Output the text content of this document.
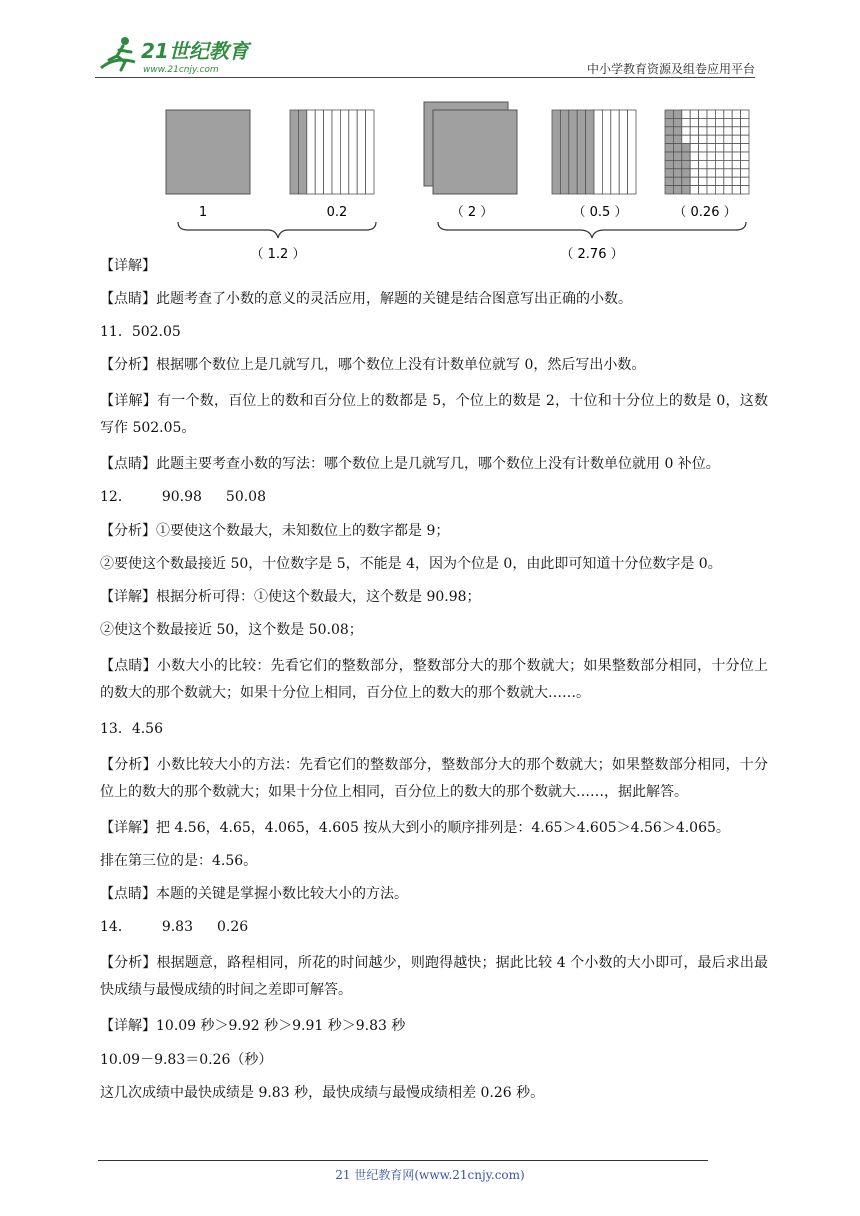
21世纪教育
www.21cnjy.com	中小学教育资源及组卷应用平台
1	0.2	（ 2 ）	（ 0.5 ）	（ 0.26 ）
（ 1.2 ）	（ 2.76 ）

【详解】

【点睛】此题考查了小数的意义的灵活应用，解题的关键是结合图意写出正确的小数。

11．502.05

【分析】根据哪个数位上是几就写几，哪个数位上没有计数单位就写 0，然后写出小数。

【详解】有一个数，百位上的数和百分位上的数都是 5，个位上的数是 2，十位和十分位上的数是 0，这数写作 502.05。

【点睛】此题主要考查小数的写法：哪个数位上是几就写几，哪个数位上没有计数单位就用 0 补位。

12． 90.98 50.08

【分析】①要使这个数最大，未知数位上的数字都是 9；

②要使这个数最接近 50，十位数字是 5，不能是 4，因为个位是 0，由此即可知道十分位数字是 0。

【详解】根据分析可得：①使这个数最大，这个数是 90.98；

②使这个数最接近 50，这个数是 50.08；

【点睛】小数大小的比较：先看它们的整数部分，整数部分大的那个数就大；如果整数部分相同，十分位上的数大的那个数就大；如果十分位上相同，百分位上的数大的那个数就大……。

13．4.56

【分析】小数比较大小的方法：先看它们的整数部分，整数部分大的那个数就大；如果整数部分相同，十分位上的数大的那个数就大；如果十分位上相同，百分位上的数大的那个数就大……，据此解答。

【详解】把 4.56，4.65，4.065，4.605 按从大到小的顺序排列是：4.65＞4.605＞4.56＞4.065。

排在第三位的是：4.56。

【点睛】本题的关键是掌握小数比较大小的方法。

14． 9.83 0.26

【分析】根据题意，路程相同，所花的时间越少，则跑得越快；据此比较 4 个小数的大小即可，最后求出最快成绩与最慢成绩的时间之差即可解答。

【详解】10.09 秒＞9.92 秒＞9.91 秒＞9.83 秒

10.09－9.83＝0.26（秒）

这几次成绩中最快成绩是 9.83 秒，最快成绩与最慢成绩相差 0.26 秒。

21 世纪教育网(www.21cnjy.com)
